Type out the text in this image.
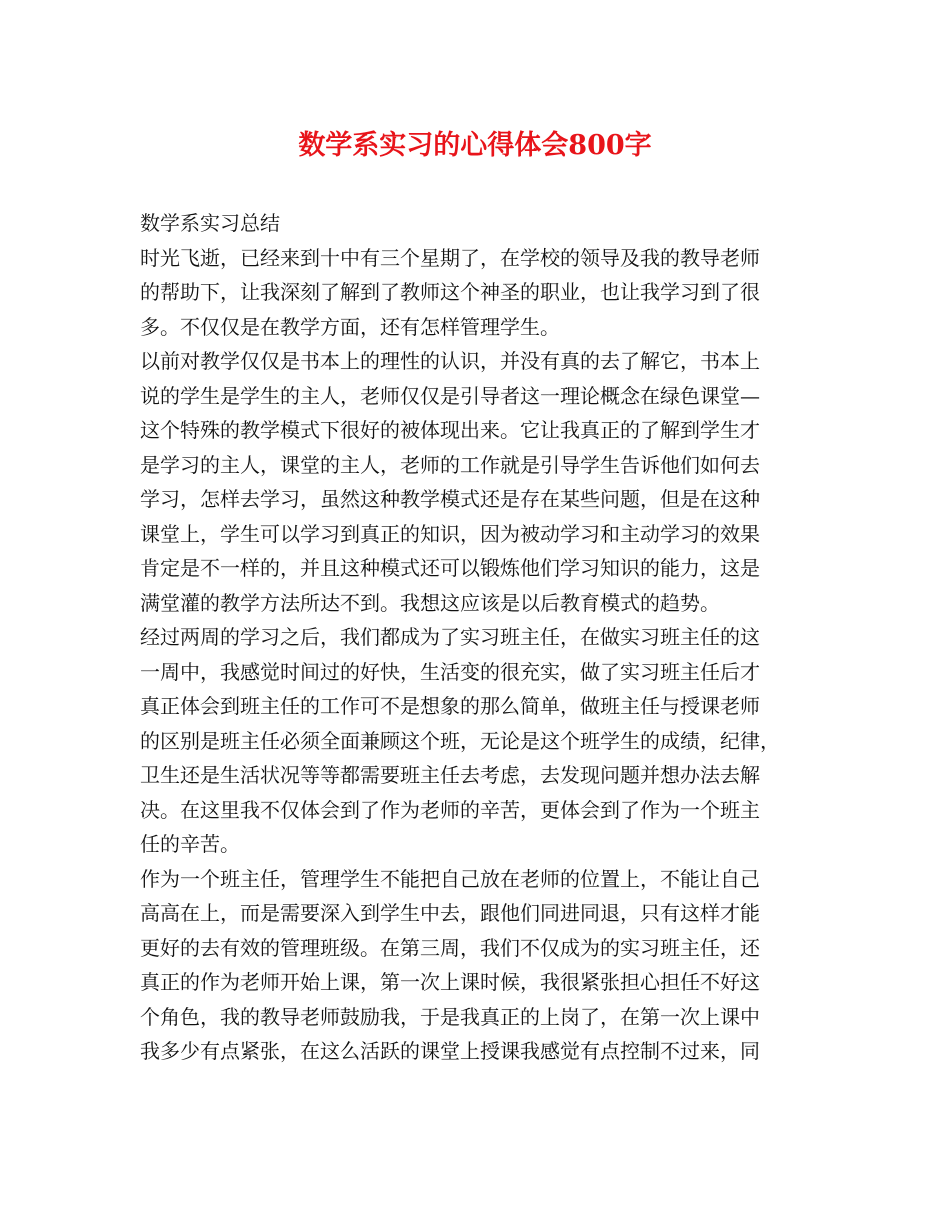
数学系实习的心得体会800字
数学系实习总结
时光飞逝，已经来到十中有三个星期了，在学校的领导及我的教导老师
的帮助下，让我深刻了解到了教师这个神圣的职业，也让我学习到了很
多。不仅仅是在教学方面，还有怎样管理学生。
以前对教学仅仅是书本上的理性的认识，并没有真的去了解它，书本上
说的学生是学生的主人，老师仅仅是引导者这一理论概念在绿色课堂—
这个特殊的教学模式下很好的被体现出来。它让我真正的了解到学生才
是学习的主人，课堂的主人，老师的工作就是引导学生告诉他们如何去
学习，怎样去学习，虽然这种教学模式还是存在某些问题，但是在这种
课堂上，学生可以学习到真正的知识，因为被动学习和主动学习的效果
肯定是不一样的，并且这种模式还可以锻炼他们学习知识的能力，这是
满堂灌的教学方法所达不到。我想这应该是以后教育模式的趋势。
经过两周的学习之后，我们都成为了实习班主任，在做实习班主任的这
一周中，我感觉时间过的好快，生活变的很充实，做了实习班主任后才
真正体会到班主任的工作可不是想象的那么简单，做班主任与授课老师
的区别是班主任必须全面兼顾这个班，无论是这个班学生的成绩，纪律，
卫生还是生活状况等等都需要班主任去考虑，去发现问题并想办法去解
决。在这里我不仅体会到了作为老师的辛苦，更体会到了作为一个班主
任的辛苦。
作为一个班主任，管理学生不能把自己放在老师的位置上，不能让自己
高高在上，而是需要深入到学生中去，跟他们同进同退，只有这样才能
更好的去有效的管理班级。在第三周，我们不仅成为的实习班主任，还
真正的作为老师开始上课，第一次上课时候，我很紧张担心担任不好这
个角色，我的教导老师鼓励我，于是我真正的上岗了，在第一次上课中
我多少有点紧张，在这么活跃的课堂上授课我感觉有点控制不过来，同
